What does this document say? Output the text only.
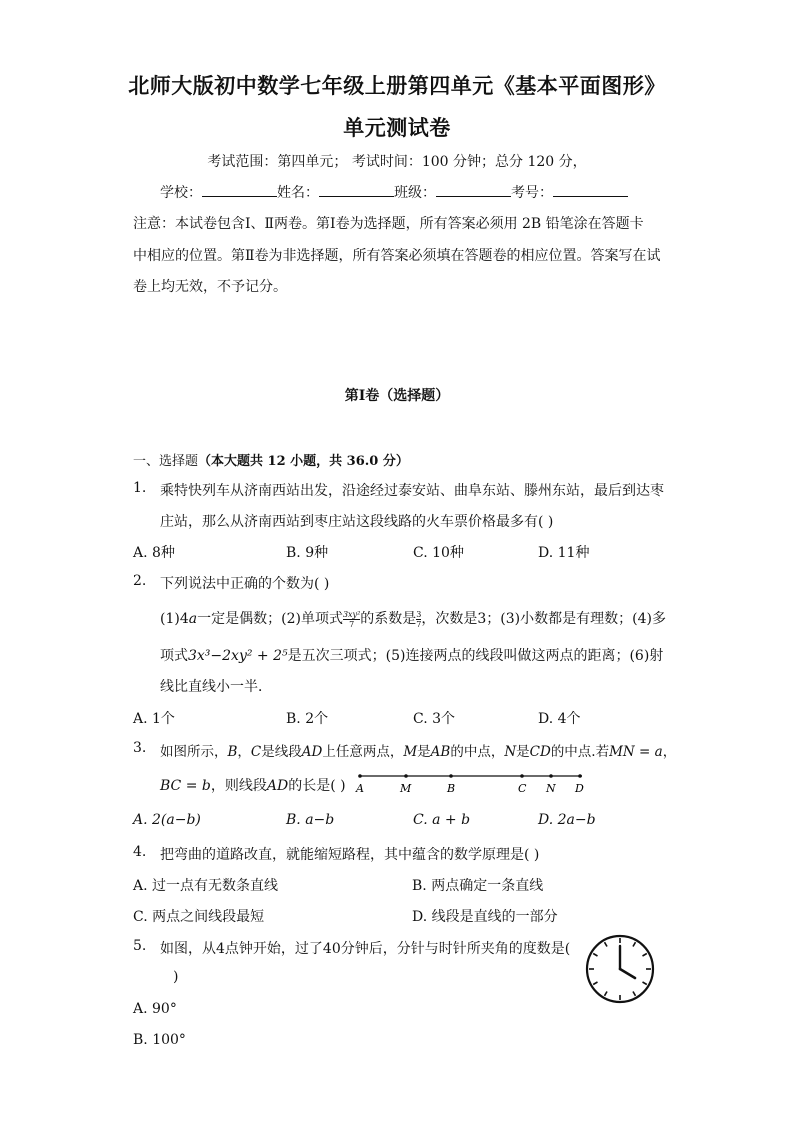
北师大版初中数学七年级上册第四单元《基本平面图形》
单元测试卷
考试范围：第四单元； 考试时间：100 分钟；总分 120 分，
学校：	姓名：	班级：	考号：
注意：本试卷包含Ⅰ、Ⅱ两卷。第Ⅰ卷为选择题，所有答案必须用 2B 铅笔涂在答题卡
中相应的位置。第Ⅱ卷为非选择题，所有答案必须填在答题卷的相应位置。答案写在试
卷上均无效，不予记分。
第Ⅰ卷（选择题）
一、选择题（本大题共 12 小题，共 36.0 分）
1. 乘特快列车从济南西站出发，沿途经过泰安站、曲阜东站、滕州东站，最后到达枣
庄站，那么从济南西站到枣庄站这段线路的火车票价格最多有( )
A. 8种	B. 9种	C. 10种	D. 11种
2. 下列说法中正确的个数为( )
(1)4a一定是偶数；(2)单项式 $\frac{\text{3xy²}}{7}$ 的系数是 $\frac{3}{7}$ ，次数是3；(3)小数都是有理数；(4)多
项式3x³−2xy² + 2⁵是五次三项式；(5)连接两点的线段叫做这两点的距离；(6)射
线比直线小一半．
A. 1个	B. 2个	C. 3个	D. 4个
3. 如图所示，B，C是线段AD上任意两点，M是AB的中点，N是CD的中点.若MN = a，
BC = b，则线段AD的长是( ) A	M	B	C N D
A. 2(a−b)	B. a−b	C. a + b	D. 2a−b
4. 把弯曲的道路改直，就能缩短路程，其中蕴含的数学原理是( )
A. 过一点有无数条直线	B. 两点确定一条直线
C. 两点之间线段最短	D. 线段是直线的一部分
5. 如图，从4点钟开始，过了40分钟后，分针与时针所夹角的度数是(
)
A. 90°
B. 100°
